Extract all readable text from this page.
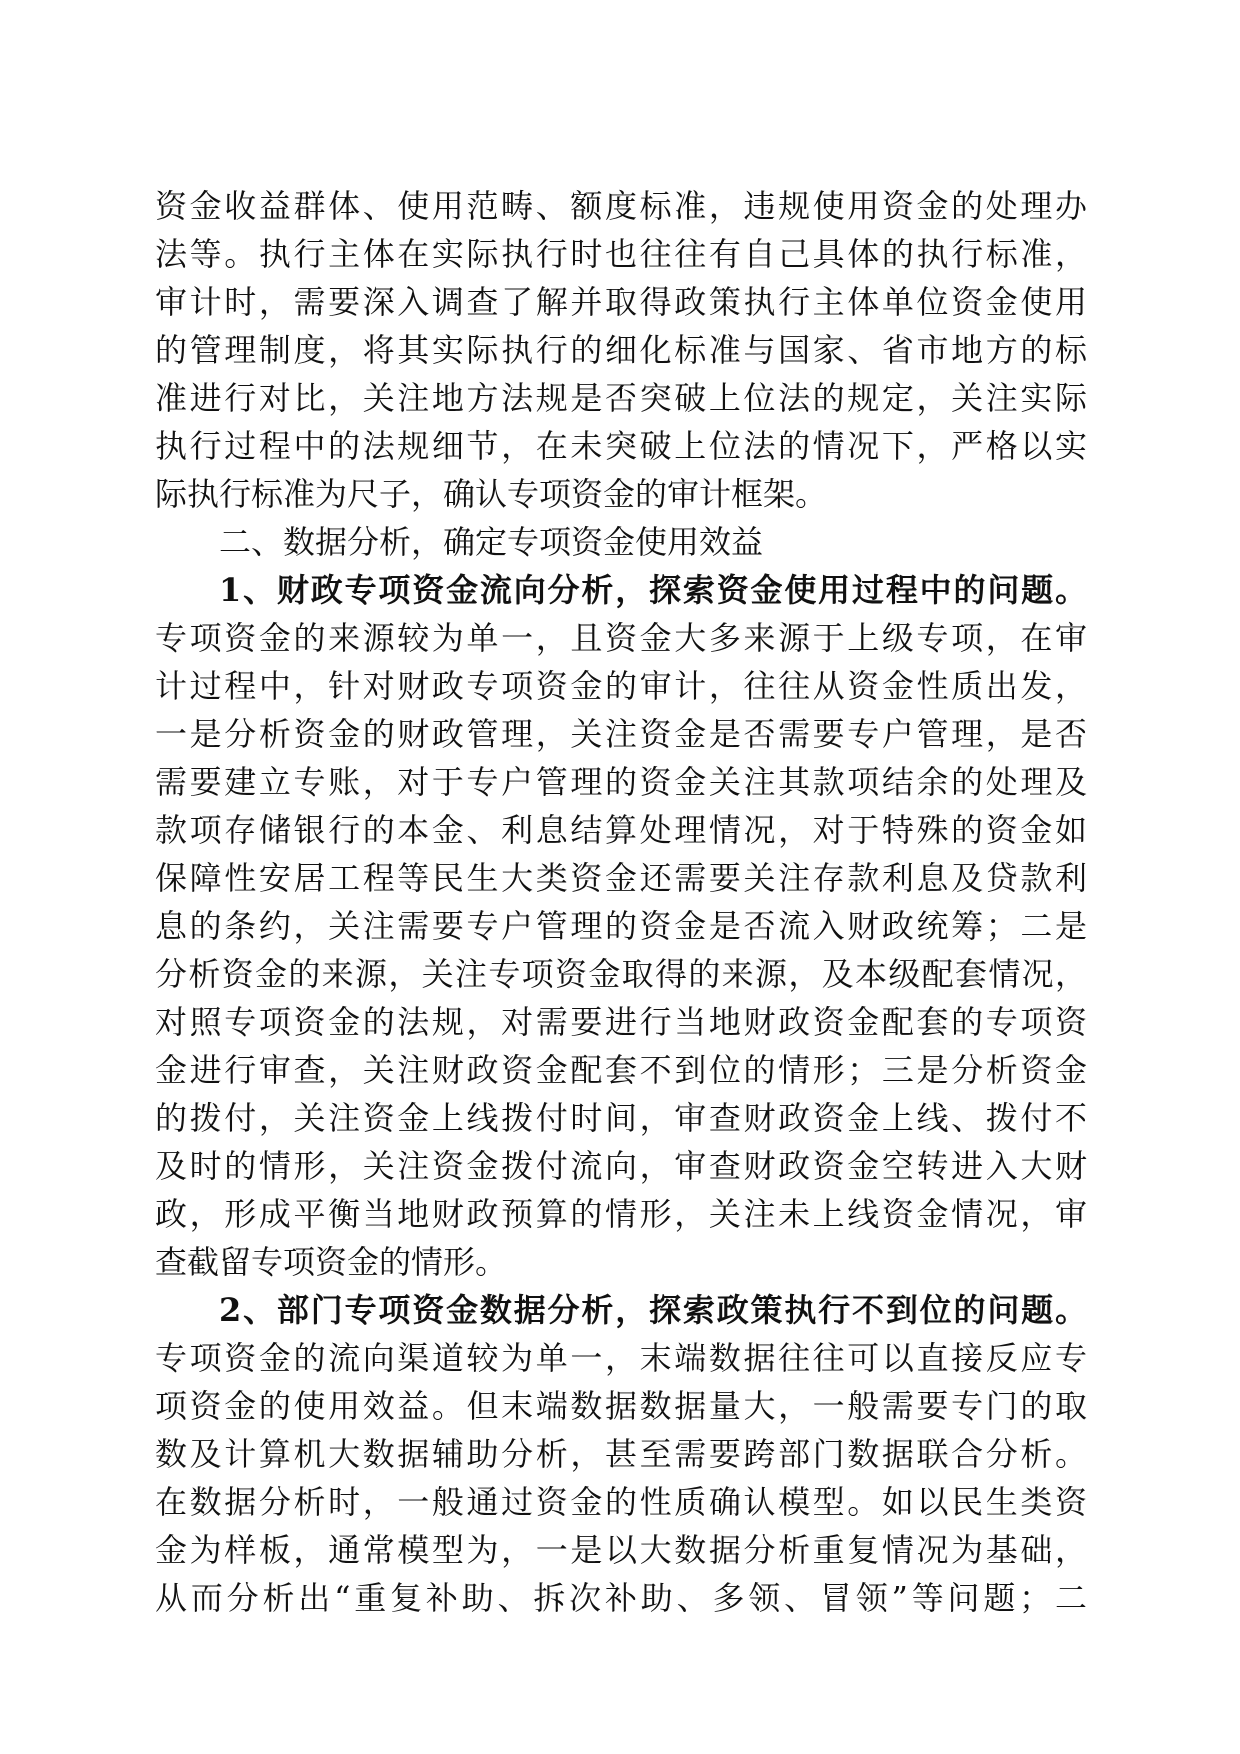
资金收益群体、使用范畴、额度标准，违规使用资金的处理办
法等。执行主体在实际执行时也往往有自己具体的执行标准，
审计时，需要深入调查了解并取得政策执行主体单位资金使用
的管理制度，将其实际执行的细化标准与国家、省市地方的标
准进行对比，关注地方法规是否突破上位法的规定，关注实际
执行过程中的法规细节，在未突破上位法的情况下，严格以实
际执行标准为尺子，确认专项资金的审计框架。
二、数据分析，确定专项资金使用效益
1、财政专项资金流向分析，探索资金使用过程中的问题。
专项资金的来源较为单一，且资金大多来源于上级专项，在审
计过程中，针对财政专项资金的审计，往往从资金性质出发，
一是分析资金的财政管理，关注资金是否需要专户管理，是否
需要建立专账，对于专户管理的资金关注其款项结余的处理及
款项存储银行的本金、利息结算处理情况，对于特殊的资金如
保障性安居工程等民生大类资金还需要关注存款利息及贷款利
息的条约，关注需要专户管理的资金是否流入财政统筹；二是
分析资金的来源，关注专项资金取得的来源，及本级配套情况，
对照专项资金的法规，对需要进行当地财政资金配套的专项资
金进行审查，关注财政资金配套不到位的情形；三是分析资金
的拨付，关注资金上线拨付时间，审查财政资金上线、拨付不
及时的情形，关注资金拨付流向，审查财政资金空转进入大财
政，形成平衡当地财政预算的情形，关注未上线资金情况，审
查截留专项资金的情形。
2、部门专项资金数据分析，探索政策执行不到位的问题。
专项资金的流向渠道较为单一，末端数据往往可以直接反应专
项资金的使用效益。但末端数据数据量大，一般需要专门的取
数及计算机大数据辅助分析，甚至需要跨部门数据联合分析。
在数据分析时，一般通过资金的性质确认模型。如以民生类资
金为样板，通常模型为，一是以大数据分析重复情况为基础，
从而分析出“重复补助、拆次补助、多领、冒领”等问题；二
